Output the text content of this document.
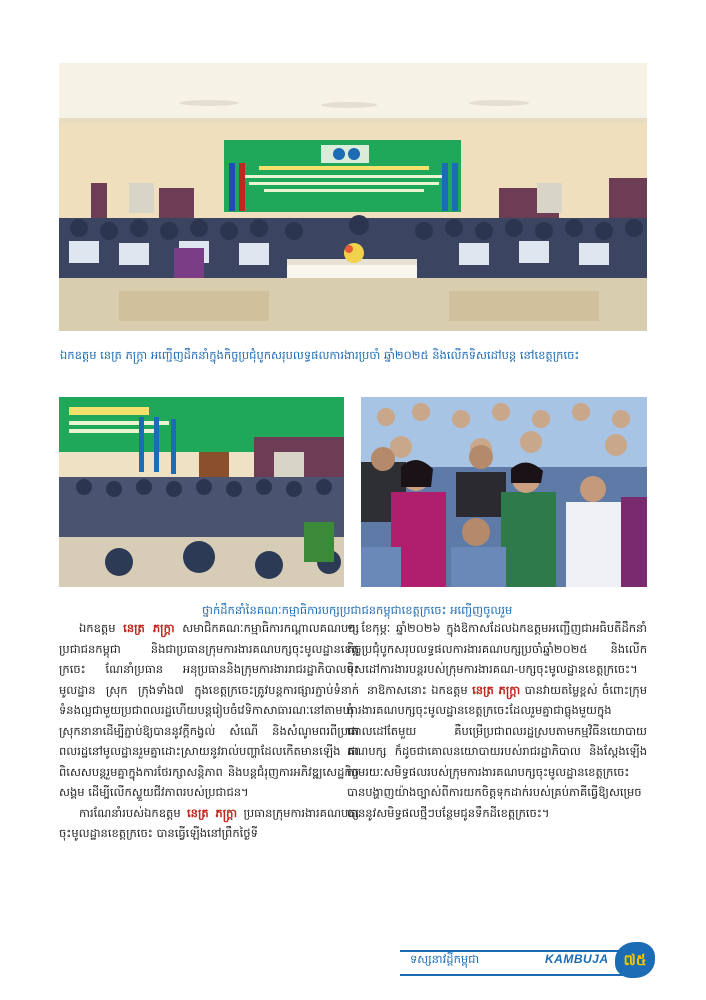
ឯកឧត្តម នេត្រ ភក្ត្រា អញ្ជើញដឹកនាំក្នុងកិច្ចប្រជុំបូកសរុបលទ្ធផលការងារប្រចាំ ឆ្នាំ២០២៥ និងលើកទិសដៅបន្ត នៅខេត្តក្រចេះ
ថ្នាក់ដឹកនាំនៃគណៈកម្មាធិការបក្សប្រជាជនកម្ពុជាខេត្តក្រចេះ អញ្ជើញចូលរួម

ឯកឧត្តម នេត្រ ភក្ត្រា សមាជិកគណៈកម្មាធិការកណ្តាលគណបក្សប្រជាជនកម្ពុជា និងជាប្រធានក្រុមការងារគណបក្សចុះមូលដ្ឋានខេត្តក្រចេះ ណែនាំប្រធាន អនុប្រធាននិងក្រុមការងាររាជរដ្ឋាភិបាលចុះមូលដ្ឋាន ស្រុក ក្រុងទាំង៧ ក្នុងខេត្តក្រចេះត្រូវបន្តការផ្សារភ្ជាប់ទំនាក់ទំនងល្អជាមួយប្រជាពលរដ្ឋហើយបន្តរៀបចំវេទិកាសាធារណៈនៅតាមឃុំ ស្រុកនានាដើម្បីភ្ជាប់ឱ្យបាននូវក្តីកង្វល់ សំណើ និងសំណូមពរពីប្រជាពលរដ្ឋនៅមូលដ្ឋានរួមគ្នាដោះស្រាយនូវរាល់បញ្ហាដែលកើតមានឡើង ជាពិសេសបន្តរួមគ្នាក្នុងការថែរក្សាសន្តិភាព និងបន្តជំរុញការអភិវឌ្ឍសេដ្ឋកិច្ចសង្គម ដើម្បីលើកស្ទួយជីវភាពរបស់ប្រជាជន។

ការណែនាំរបស់ឯកឧត្តម នេត្រ ភក្ត្រា ប្រធានក្រុមការងារគណបក្សចុះមូលដ្ឋានខេត្តក្រចេះ បានធ្វើឡើងនៅព្រឹកថ្ងៃទី

១ ខែកុម្ភៈ ឆ្នាំ២០២៦ ក្នុងឱកាសដែលឯកឧត្តមអញ្ជើញជាអធិបតីដឹកនាំកិច្ចប្រជុំបូកសរុបលទ្ធផលការងារគណបក្សប្រចាំឆ្នាំ២០២៥ និងលើកទិសដៅការងារបន្តរបស់ក្រុមការងារគណ-បក្សចុះមូលដ្ឋានខេត្តក្រចេះ។

នាឱកាសនោះ ឯកឧត្តម នេត្រ ភក្ត្រា បានវាយតម្លៃខ្ពស់ ចំពោះក្រុមការងារគណបក្សចុះមូលដ្ឋានខេត្តក្រចេះដែលរួមគ្នាជាធ្លុងមួយក្នុងគោលដៅតែមួយ គឺបម្រើប្រជាពលរដ្ឋស្របតាមកម្មវិធីនយោបាយគណបក្ស ក៏ដូចជាគោលនយោបាយរបស់រាជរដ្ឋាភិបាល និងស្តែងឡើង តាមរយៈសមិទ្ធផលរបស់ក្រុមការងារគណបក្សចុះមូលដ្ឋានខេត្តក្រចេះបានបង្ហាញយ៉ាងច្បាស់ពីការយកចិត្តទុកដាក់របស់គ្រប់ភាគីធ្វើឱ្យសម្រេចបាននូវសមិទ្ធផលថ្មីៗបន្ថែមជូនទឹកដីខេត្តក្រចេះ។

ទស្សនាវដ្តីកម្ពុជា	KAMBUJA	៧៥
